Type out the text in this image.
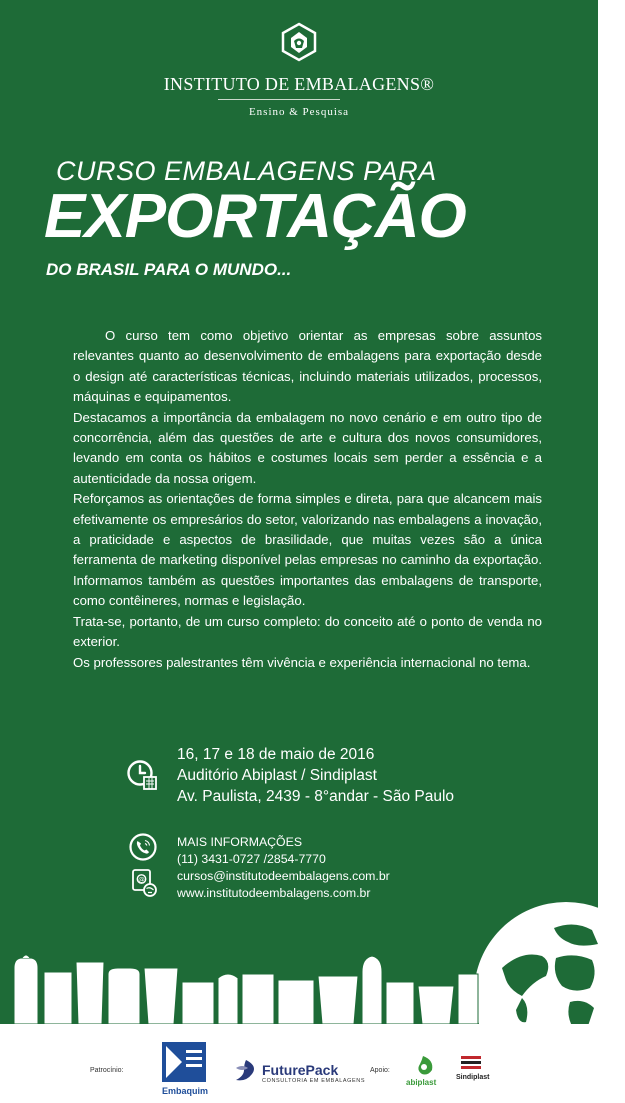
INSTITUTO DE EMBALAGENS®
Ensino & Pesquisa
CURSO EMBALAGENS PARA
EXPORTAÇÃO
DO BRASIL PARA O MUNDO...

O curso tem como objetivo orientar as empresas sobre assuntos relevantes quanto ao desenvolvimento de embalagens para exportação desde o design até características técnicas, incluindo materiais utilizados, processos, máquinas e equipamentos.

Destacamos a importância da embalagem no novo cenário e em outro tipo de concorrência, além das questões de arte e cultura dos novos consumidores, levando em conta os hábitos e costumes locais sem perder a essência e a autenticidade da nossa origem.

Reforçamos as orientações de forma simples e direta, para que alcancem mais efetivamente os empresários do setor, valorizando nas embalagens a inovação, a praticidade e aspectos de brasilidade, que muitas vezes são a única ferramenta de marketing disponível pelas empresas no caminho da exportação. Informamos também as questões importantes das embalagens de transporte, como contêineres, normas e legislação.

Trata-se, portanto, de um curso completo: do conceito até o ponto de venda no exterior.

Os professores palestrantes têm vivência e experiência internacional no tema.

16, 17 e 18 de maio de 2016
Auditório Abiplast / Sindiplast
Av. Paulista, 2439 - 8°andar - São Paulo
@
MAIS INFORMAÇÕES
(11) 3431-0727 /2854-7770
cursos@institutodeembalagens.com.br
www.institutodeembalagens.com.br
Patrocínio:
Embaquim
FuturePack
CONSULTORIA EM EMBALAGENS
Apoio:
abiplast
Sindiplast
